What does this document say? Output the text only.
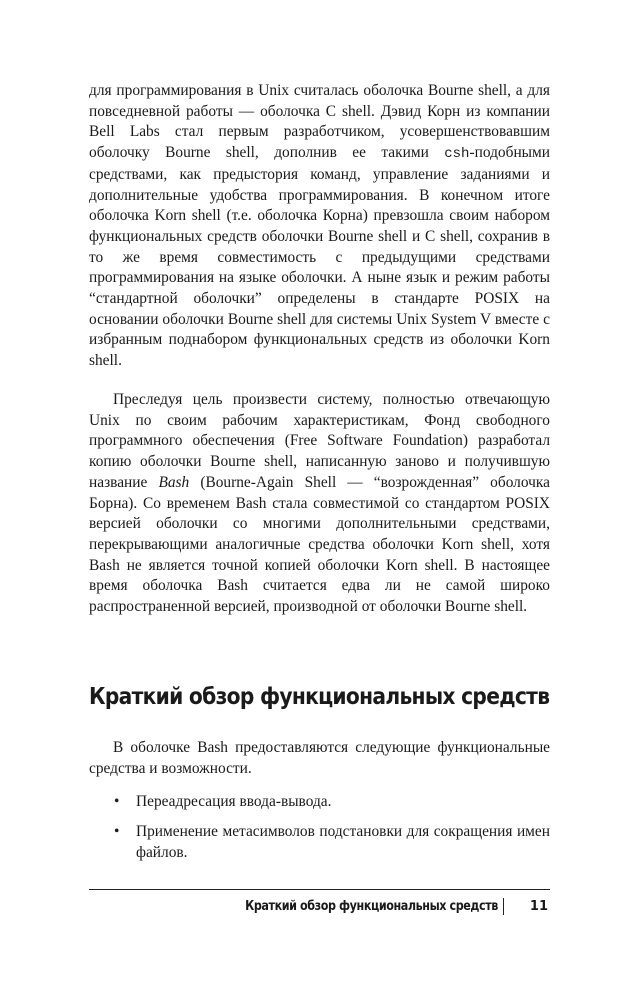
для программирования в Unix считалась оболочка Bourne shell, а для повседневной работы — оболочка C shell. Дэвид Корн из компании Bell Labs стал первым разработчиком, усовершенствовавшим оболочку Bourne shell, дополнив ее такими csh-подобными средствами, как предыстория команд, управление заданиями и дополнительные удобства программирования. В конечном итоге оболочка Korn shell (т.е. оболочка Корна) превзошла своим набором функциональных средств оболочки Bourne shell и C shell, сохранив в то же время совместимость с предыдущими средствами программирования на языке оболочки. А ныне язык и режим работы “стандартной оболочки” определены в стандарте POSIX на основании оболочки Bourne shell для системы Unix System V вместе с избранным поднабором функциональных средств из оболочки Korn shell.

Преследуя цель произвести систему, полностью отвечающую Unix по своим рабочим характеристикам, Фонд свободного программного обеспечения (Free Software Foundation) разработал копию оболочки Bourne shell, написанную заново и получившую название Bash (Bourne-Again Shell — “возрожденная” оболочка Борна). Со временем Bash стала совместимой со стандартом POSIX версией оболочки со многими дополнительными средствами, перекрывающими аналогичные средства оболочки Korn shell, хотя Bash не является точной копией оболочки Korn shell. В настоящее время оболочка Bash считается едва ли не самой широко распространенной версией, производной от оболочки Bourne shell.

Краткий обзор функциональных средств

В оболочке Bash предоставляются следующие функциональные средства и возможности.

• Переадресация ввода-вывода.
• Применение метасимволов подстановки для сокращения имен файлов.
Краткий обзор функциональных средств 11
